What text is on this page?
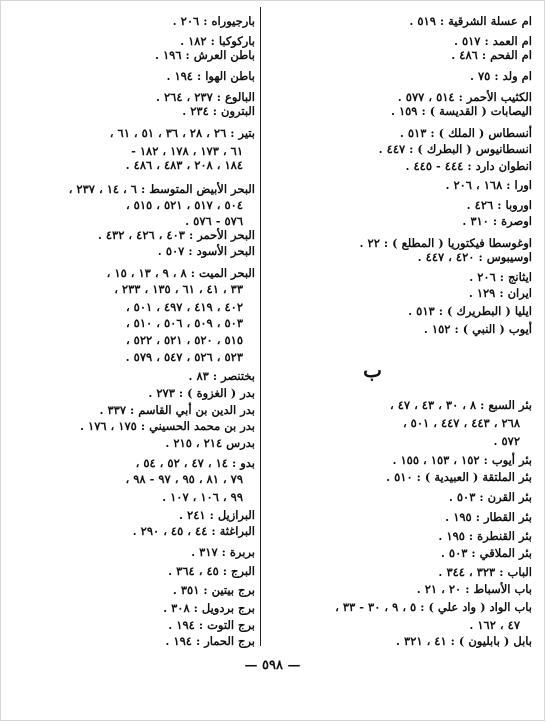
ام عسلة الشرقية : ٥١٩ .
ام العمد : ٥١٧ .
ام الفحم : ٤٨٦ .
ام ولد : ٧٥ .
الكثيب الأحمر : ٥١٤ ، ٥٧٧ .
اليصابات ( القديسة ) : ١٥٩ .
أنسطاس ( الملك ) : ٥١٣ .
انسطانيوس ( البطرك ) : ٤٤٧ .
انطوان دارد : ٤٤٤ - ٤٤٥ .
اورا : ١٦٨ ، ٢٠٦ .
اوروبا : ٤٢٦ .
اوصرة : ٣١٠ .
اوغوسطا فيكتوريا ( المطلع ) : ٢٢ .
اوسيبوس : ٤٢٠ ، ٤٤٧ .
ايثانج : ٢٠٦ .
ايران : ١٢٩ .
ايليا ( البطريرك ) : ٥١٣ .
أيوب ( النبي ) : ١٥٢ .
بئر السبع : ٨ ، ٣٠ ، ٤٣ ، ٤٧ ،
٢٦٨ ، ٤٤٣ ، ٤٤٧ ، ٥٠١ ،
٥٧٢ .
بئر أيوب : ١٥٢ ، ١٥٣ ، ١٥٥ .
بئر الملتقة ( العبيدية ) : ٥١٠ .
بئر القرن : ٥٠٣ .
بئر القطار : ١٩٥ .
بئر القنطرة : ١٩٥ .
بئر الملاقي : ٥٠٣ .
الباب : ٣٢٣ ، ٣٤٤ .
باب الأسباط : ٢٠ ، ٢١ .
باب الواد ( واد علي ) : ٥ ، ٩ ، ٣٠ - ٣٣ ،
٤٧ ، ١٦٢ .
بابل ( بابليون ) : ٤١ ، ٣٢١ .
ب
بارجيوراه : ٢٠٦ .
باركوكبا : ١٨٢ .
باطن العرش : ١٩٦ .
باطن الهوا : ١٩٤ .
البالوع : ٢٣٧ ، ٢٦٤ .
البترون : ٢٣٤ .
بتير : ٢٦ ، ٢٨ ، ٣٦ ، ٥١ ، ٦١ ،
٦١ ، ١٧٣ ، ١٧٨ ، ١٨٢ -
١٨٤ ، ٢٠٨ ، ٤٨٣ ، ٤٨٦ .
البحر الأبيض المتوسط : ٦ ، ١٤ ، ٢٣٧ ،
٥٠٤ ، ٥١٧ ، ٥٢١ ، ٥١٥ ،
٥٧٦ - ٥٧٦ .
البحر الأحمر : ٤٠٣ ، ٤٢٦ ، ٤٣٢ .
البحر الأسود : ٥٠٧ .
البحر الميت : ٨ ، ٩ ، ١٣ ، ١٥ ،
٣٣ ، ٤١ ، ٦١ ، ١٣٥ ، ٢٣٣ ،
٤٠٢ ، ٤١٩ ، ٤٩٧ ، ٥٠١ ،
٥٠٣ ، ٥٠٩ ، ٥٠٦ ، ٥١٠ ،
٥١٥ ، ٥٢٠ ، ٥٢١ ، ٥٢٢ ،
٥٢٣ ، ٥٢٦ ، ٥٤٧ ، ٥٧٩ .
بختنصر : ٨٣ .
بدر ( الغزوة ) : ٢٧٣ .
بدر الدين بن أبي القاسم : ٣٣٧ .
بدر بن محمد الحسيني : ١٧٥ ، ١٧٦ .
بدرس ٢١٤ ، ٢١٥ .
بدو : ١٤ ، ٤٧ ، ٥٢ ، ٥٤ ،
٧٩ ، ٨١ ، ٩٥ ، ٩٧ - ٩٨ ،
٩٩ ، ١٠٦ ، ١٠٧ .
البرازيل : ٢٤١ .
البراغثة : ٤٤ ، ٤٥ ، ٢٩٠ .
بربرة : ٣١٧ .
البرج : ٤٥ ، ٣٦٤ .
برج بيتين : ٣٥١ .
برج بردويل : ٣٠٨ .
برج التوت : ١٩٤ .
برج الحمار : ١٩٤ .
— ٥٩٨ —
